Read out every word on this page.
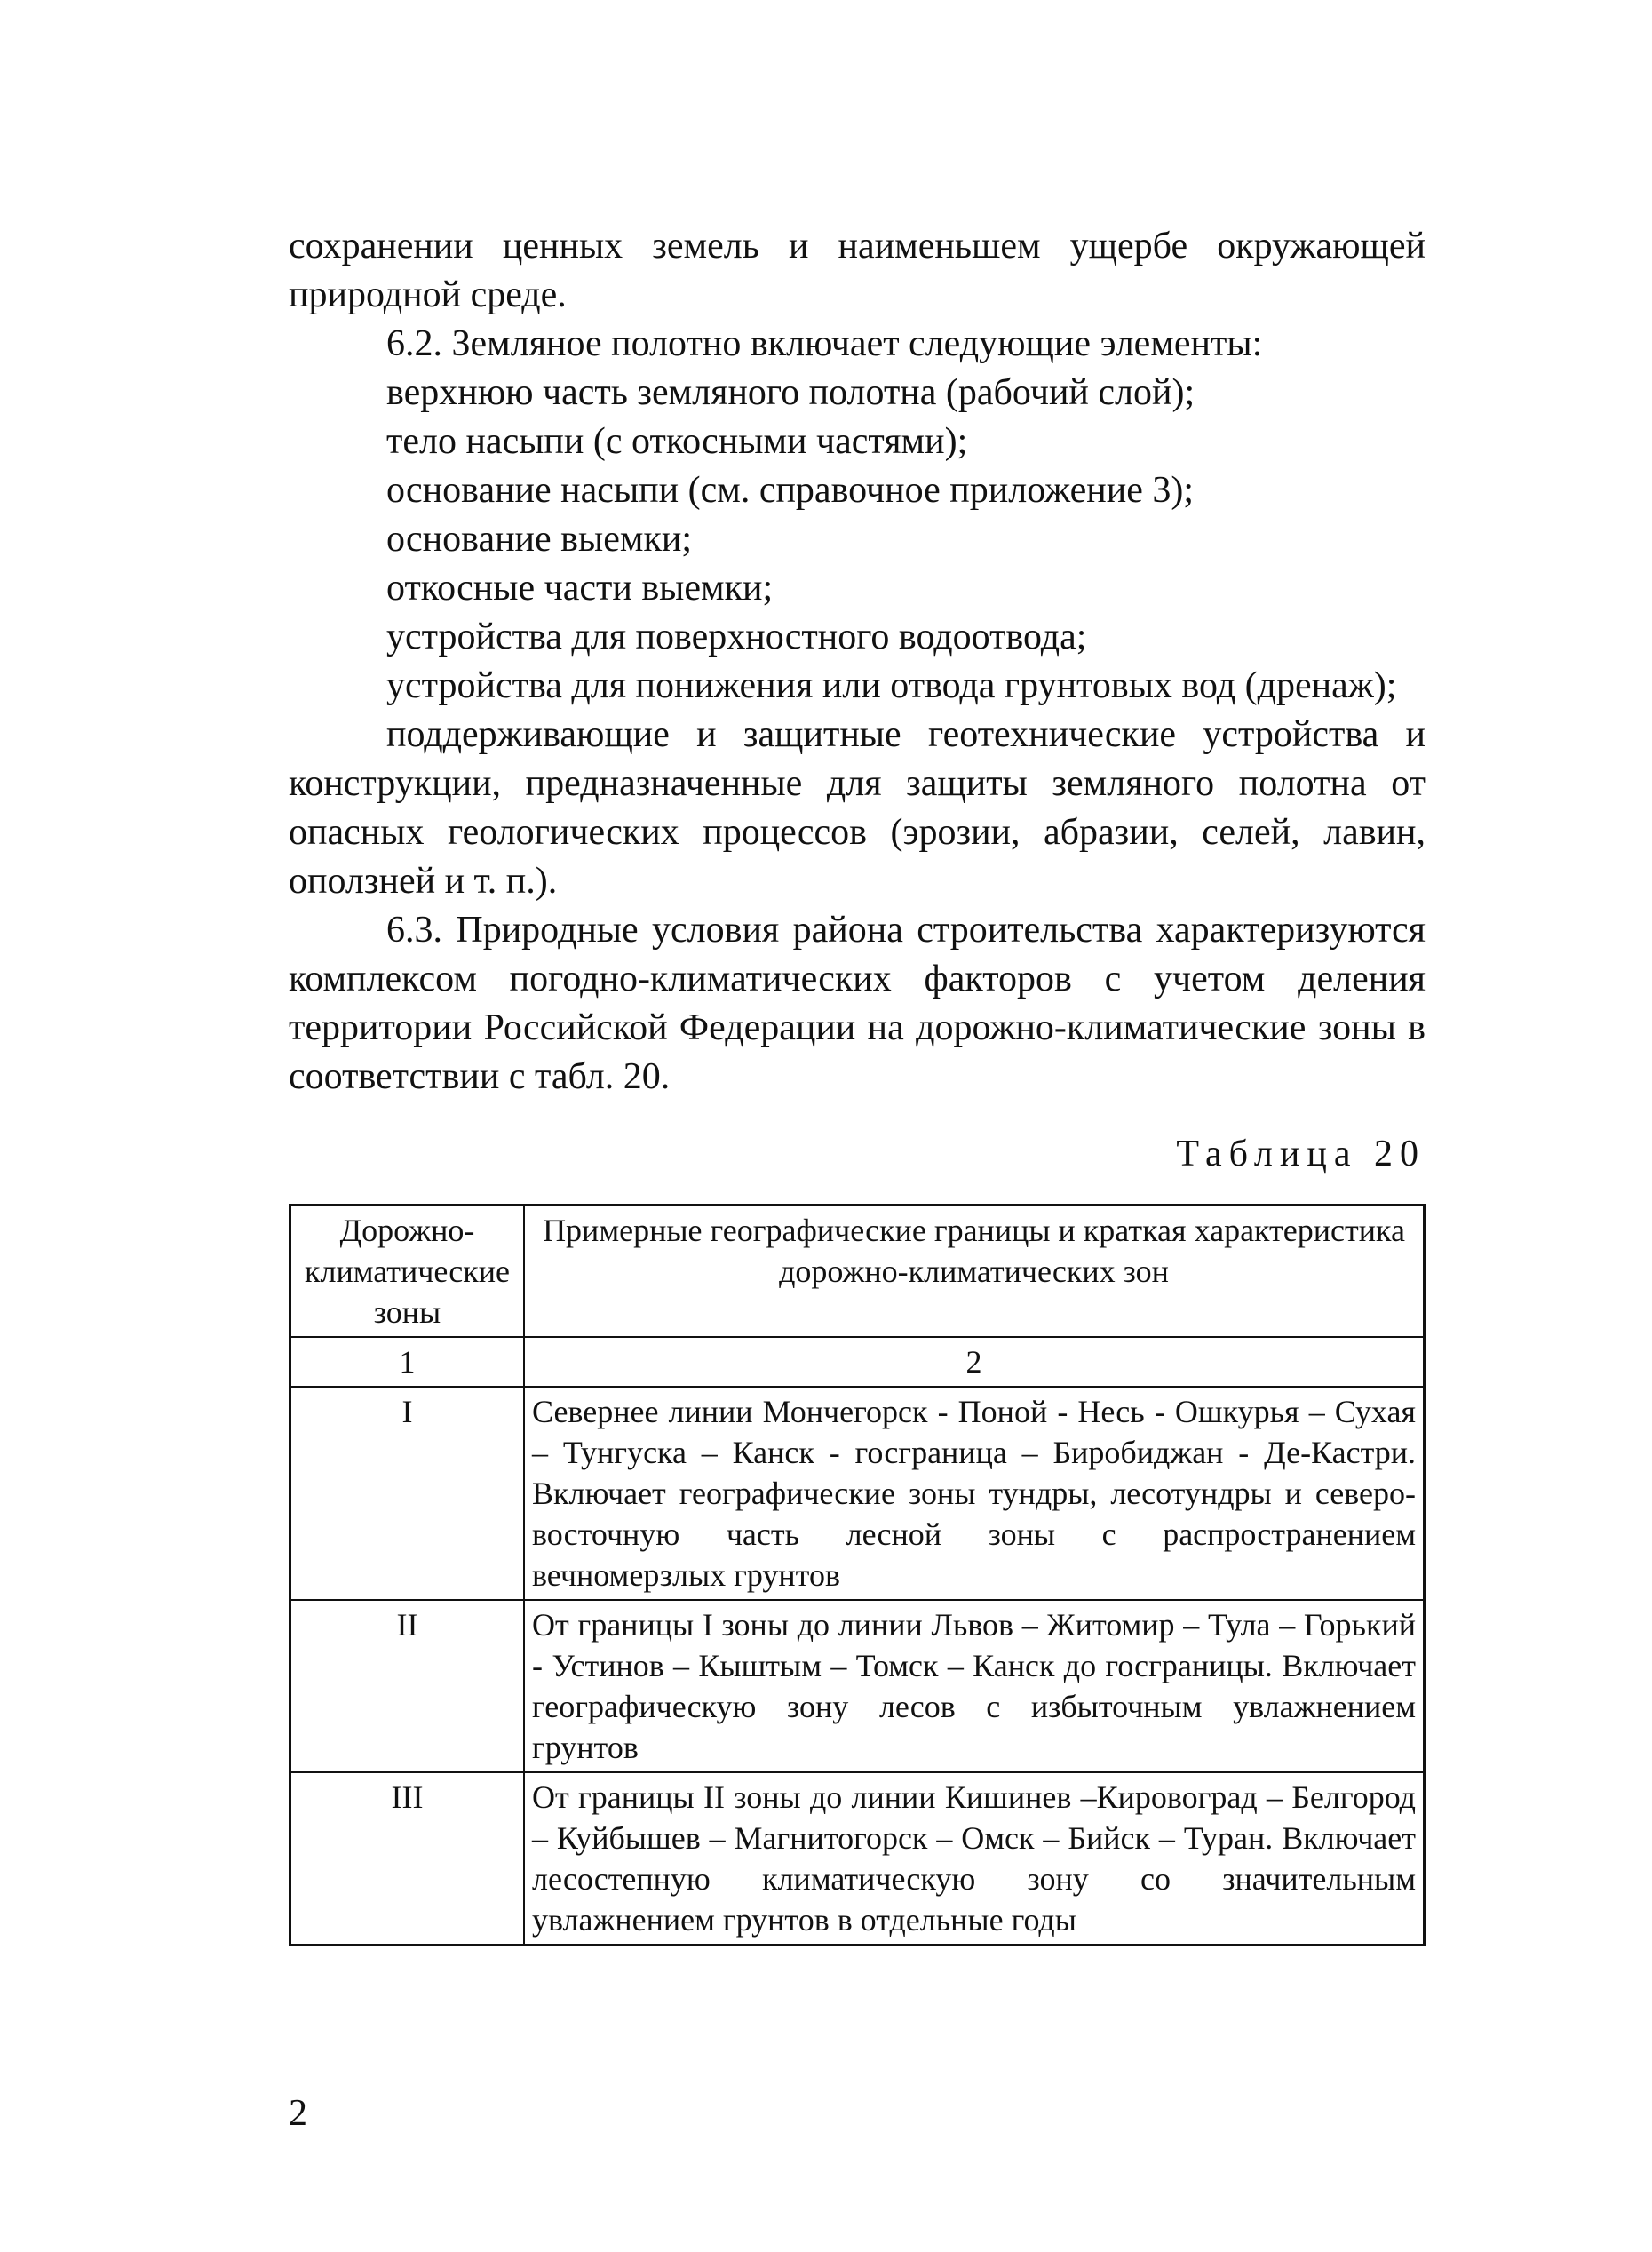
сохранении ценных земель и наименьшем ущербе окружающей природной среде.

6.2. Земляное полотно включает следующие элементы:

верхнюю часть земляного полотна (рабочий слой);

тело насыпи (с откосными частями);

основание насыпи (см. справочное приложение 3);

основание выемки;

откосные части выемки;

устройства для поверхностного водоотвода;

устройства для понижения или отвода грунтовых вод (дренаж);

поддерживающие и защитные геотехнические устройства и конструкции, предназначенные для защиты земляного полотна от опасных геологических процессов (эрозии, абразии, селей, лавин, оползней и т. п.).

6.3. Природные условия района строительства характеризуются комплексом погодно-климатических факторов с учетом деления территории Российской Федерации на дорожно-климатические зоны в соответствии с табл. 20.

Таблица 20
Дорожно-климатические зоны	Примерные географические границы и краткая характеристика дорожно-климатических зон
1	2
I	Севернее линии Мончегорск - Поной - Несь - Ошкурья – Сухая – Тунгуска – Канск - госграница – Биробиджан - Де-Кастри. Включает географические зоны тундры, лесотундры и северо-восточную часть лесной зоны с распространением вечномерзлых грунтов
II	От границы I зоны до линии Львов – Житомир – Тула – Горький - Устинов – Кыштым – Томск – Канск до госграницы. Включает географическую зону лесов с избыточным увлажнением грунтов
III	От границы II зоны до линии Кишинев –Кировоград – Белгород – Куйбышев – Магнитогорск – Омск – Бийск – Туран. Включает лесостепную климатическую зону со значительным увлажнением грунтов в отдельные годы
2
